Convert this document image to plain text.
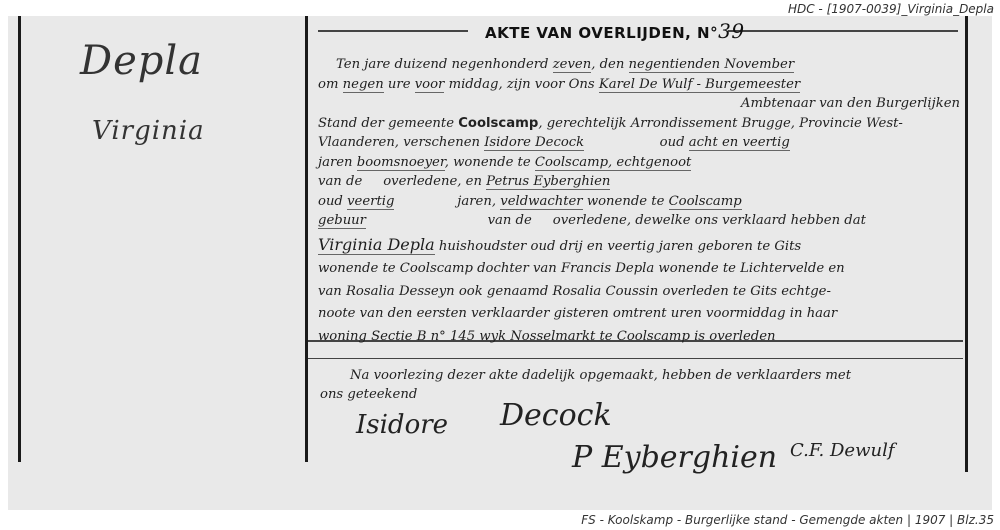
HDC - [1907-0039]_Virginia_Depla
Depla
Virginia
AKTE VAN OVERLIJDEN, N°39
Ten jare duizend negenhonderd zeven, den negentienden November
om negen ure voor middag, zijn voor Ons Karel De Wulf - Burgemeester
Ambtenaar van den Burgerlijken
Stand der gemeente Coolscamp, gerechtelijk Arrondissement Brugge, Provincie West-
Vlaanderen, verschenen Isidore Decock	oud acht en veertig
jaren boomsnoeyer, wonende te Coolscamp, echtgenoot
van de overledene, en Petrus Eyberghien
oud veertig	jaren, veldwachter wonende te Coolscamp
gebuur	van de overledene, dewelke ons verklaard hebben dat
Virginia Depla huishoudster oud drij en veertig jaren geboren te Gits
wonende te Coolscamp dochter van Francis Depla wonende te Lichtervelde en
van Rosalia Desseyn ook genaamd Rosalia Coussin overleden te Gits echtge-
noote van den eersten verklaarder gisteren omtrent uren voormiddag in haar
woning Sectie B n° 145 wyk Nosselmarkt te Coolscamp is overleden
Na voorlezing dezer akte dadelijk opgemaakt, hebben de verklaarders met
ons geteekend
Isidore Decock
P Eyberghien C.F. Dewulf
FS - Koolskamp - Burgerlijke stand - Gemengde akten | 1907 | Blz.35
